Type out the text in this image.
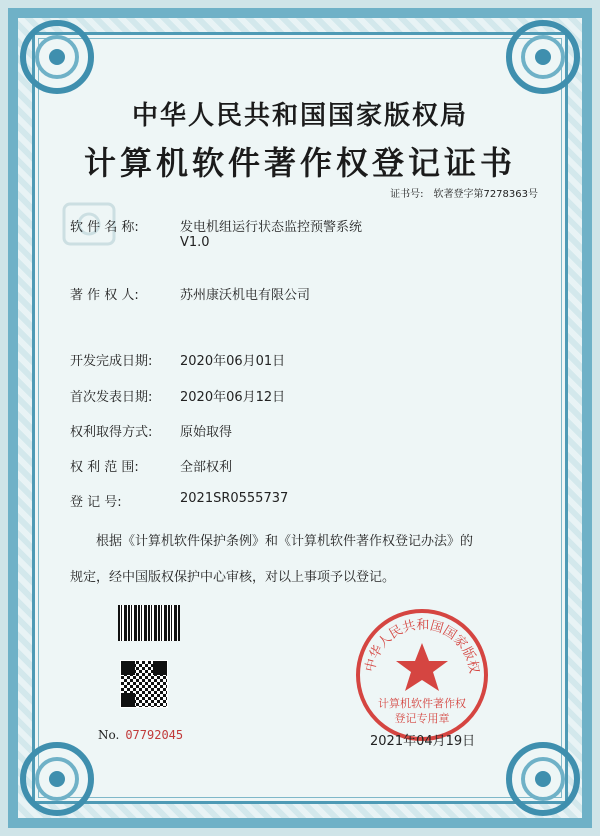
中华人民共和国国家版权局
计算机软件著作权登记证书
证书号: 软著登字第7278363号
软 件 名 称:	发电机组运行状态监控预警系统
V1.0
著 作 权 人:	苏州康沃机电有限公司
开发完成日期: 2020年06月01日
首次发表日期: 2020年06月12日
权利取得方式: 原始取得
权 利 范 围:	全部权利
登 记 号:	2021SR0555737
根据《计算机软件保护条例》和《计算机软件著作权登记办法》的
规定，经中国版权保护中心审核，对以上事项予以登记。
No. 07792045
中华人民共和国国家版权
计算机软件著作权
登记专用章
2021年04月19日
